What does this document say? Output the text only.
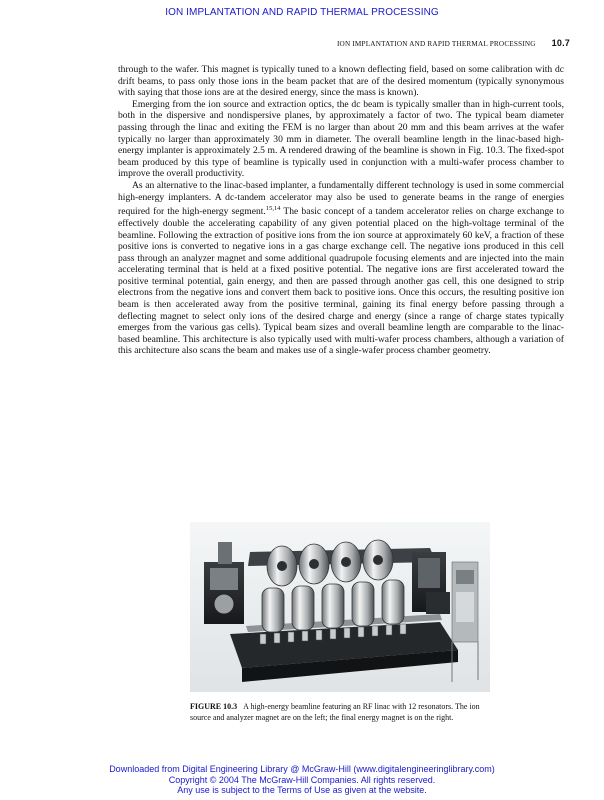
ION IMPLANTATION AND RAPID THERMAL PROCESSING
ION IMPLANTATION AND RAPID THERMAL PROCESSING 10.7

through to the wafer. This magnet is typically tuned to a known deflecting field, based on some calibration with dc drift beams, to pass only those ions in the beam packet that are of the desired momentum (typically synonymous with saying that those ions are at the desired energy, since the mass is known).

Emerging from the ion source and extraction optics, the dc beam is typically smaller than in high-current tools, both in the dispersive and nondispersive planes, by approximately a factor of two. The typical beam diameter passing through the linac and exiting the FEM is no larger than about 20 mm and this beam arrives at the wafer typically no larger than approximately 30 mm in diameter. The overall beamline length in the linac-based high-energy implanter is approximately 2.5 m. A rendered drawing of the beamline is shown in Fig. 10.3. The fixed-spot beam produced by this type of beamline is typically used in conjunction with a multi-wafer process chamber to improve the overall productivity.

As an alternative to the linac-based implanter, a fundamentally different technology is used in some commercial high-energy implanters. A dc-tandem accelerator may also be used to generate beams in the range of energies required for the high-energy segment.$^{15,14}$ The basic concept of a tandem accelerator relies on charge exchange to effectively double the accelerating capability of any given potential placed on the high-voltage terminal of the beamline. Following the extraction of positive ions from the ion source at approximately 60 keV, a fraction of these positive ions is converted to negative ions in a gas charge exchange cell. The negative ions produced in this cell pass through an analyzer magnet and some additional quadrupole focusing elements and are injected into the main accelerating terminal that is held at a fixed positive potential. The negative ions are first accelerated toward the positive terminal potential, gain energy, and then are passed through another gas cell, this one designed to strip electrons from the negative ions and convert them back to positive ions. Once this occurs, the resulting positive ion beam is then accelerated away from the positive terminal, gaining its final energy before passing through a deflecting magnet to select only ions of the desired charge and energy (since a range of charge states typically emerges from the various gas cells). Typical beam sizes and overall beamline length are comparable to the linac-based beamline. This architecture is also typically used with multi-wafer process chambers, although a variation of this architecture also scans the beam and makes use of a single-wafer process chamber geometry.

FIGURE 10.3 A high-energy beamline featuring an RF linac with 12 resonators. The ion source and analyzer magnet are on the left; the final energy magnet is on the right.
Downloaded from Digital Engineering Library @ McGraw-Hill (www.digitalengineeringlibrary.com)
Copyright © 2004 The McGraw-Hill Companies. All rights reserved.
Any use is subject to the Terms of Use as given at the website.
